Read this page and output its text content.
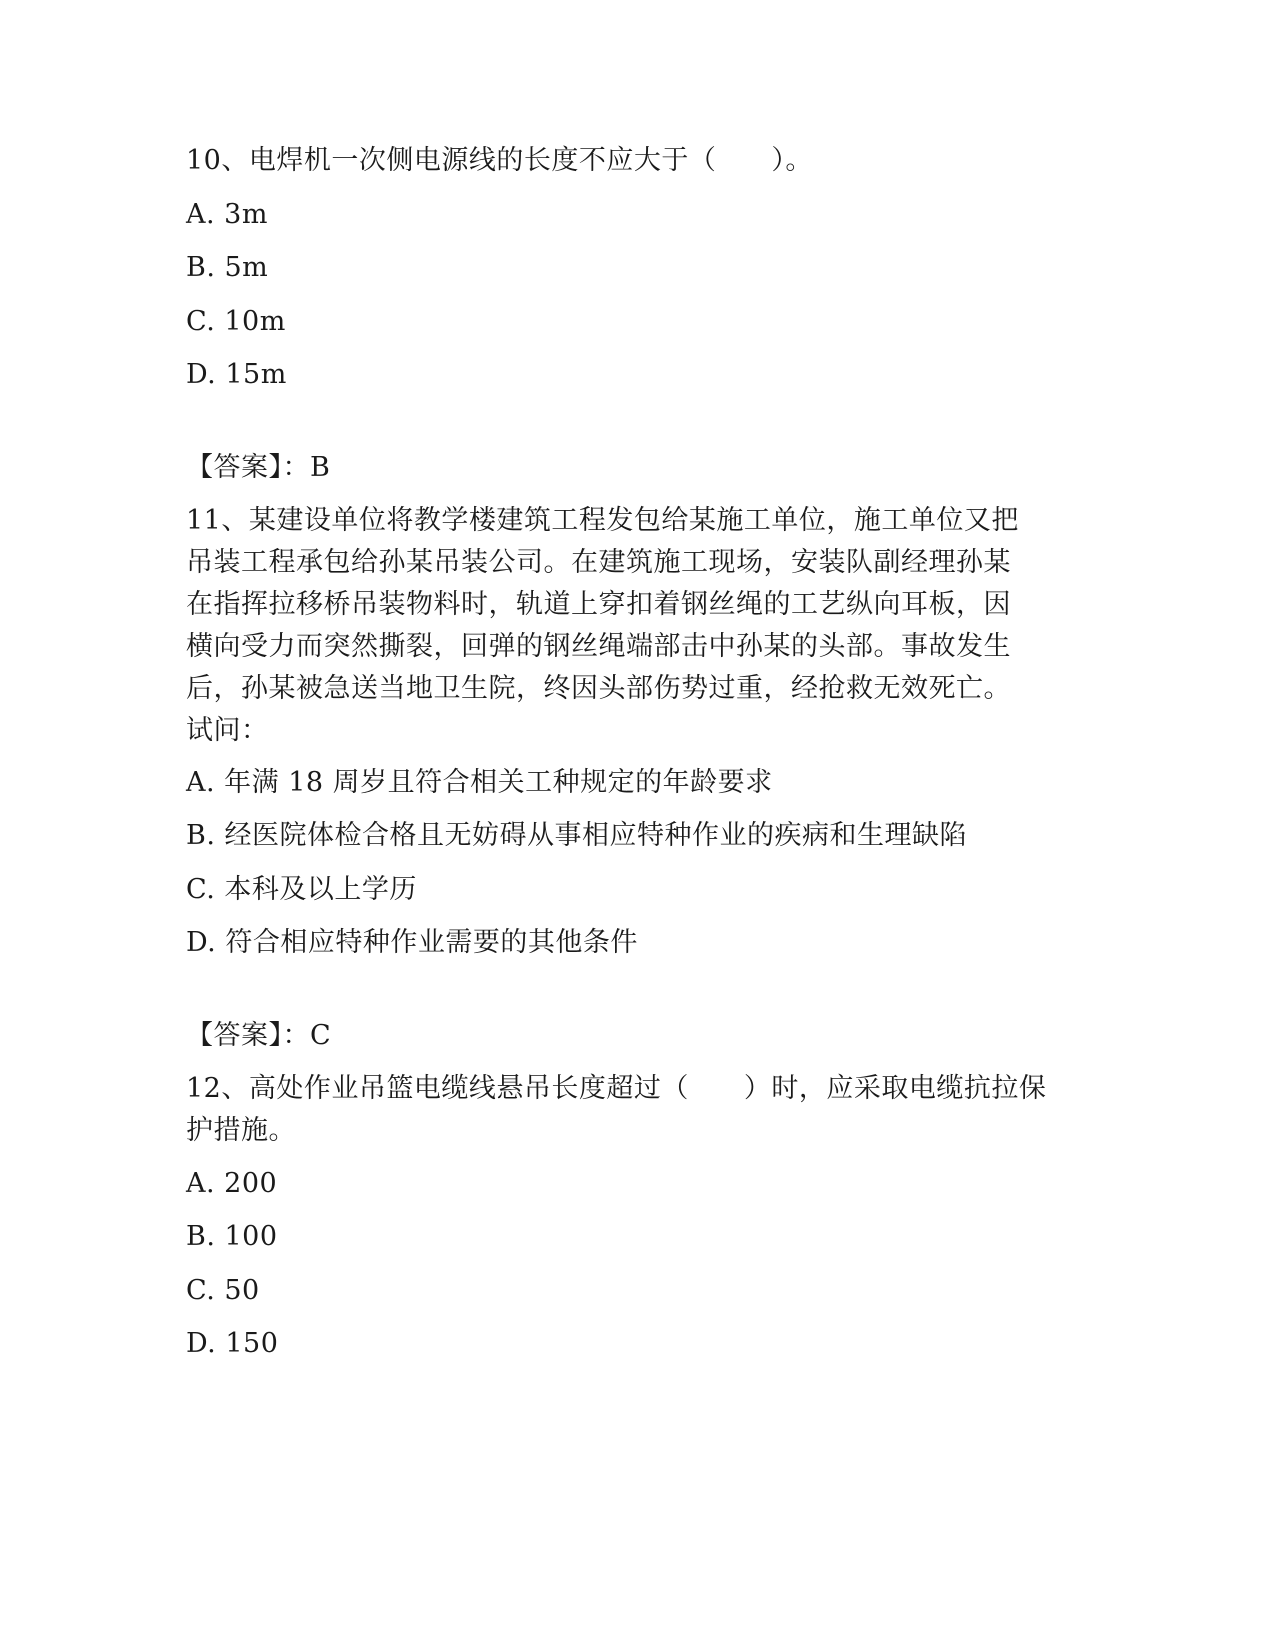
10、电焊机一次侧电源线的长度不应大于（　　）。
A. 3m
B. 5m
C. 10m
D. 15m
【答案】：B
11、某建设单位将教学楼建筑工程发包给某施工单位，施工单位又把
吊装工程承包给孙某吊装公司。在建筑施工现场，安装队副经理孙某
在指挥拉移桥吊装物料时，轨道上穿扣着钢丝绳的工艺纵向耳板，因
横向受力而突然撕裂，回弹的钢丝绳端部击中孙某的头部。事故发生
后，孙某被急送当地卫生院，终因头部伤势过重，经抢救无效死亡。
试问：
A. 年满 18 周岁且符合相关工种规定的年龄要求
B. 经医院体检合格且无妨碍从事相应特种作业的疾病和生理缺陷
C. 本科及以上学历
D. 符合相应特种作业需要的其他条件
【答案】：C
12、高处作业吊篮电缆线悬吊长度超过（　　）时，应采取电缆抗拉保
护措施。
A. 200
B. 100
C. 50
D. 150
